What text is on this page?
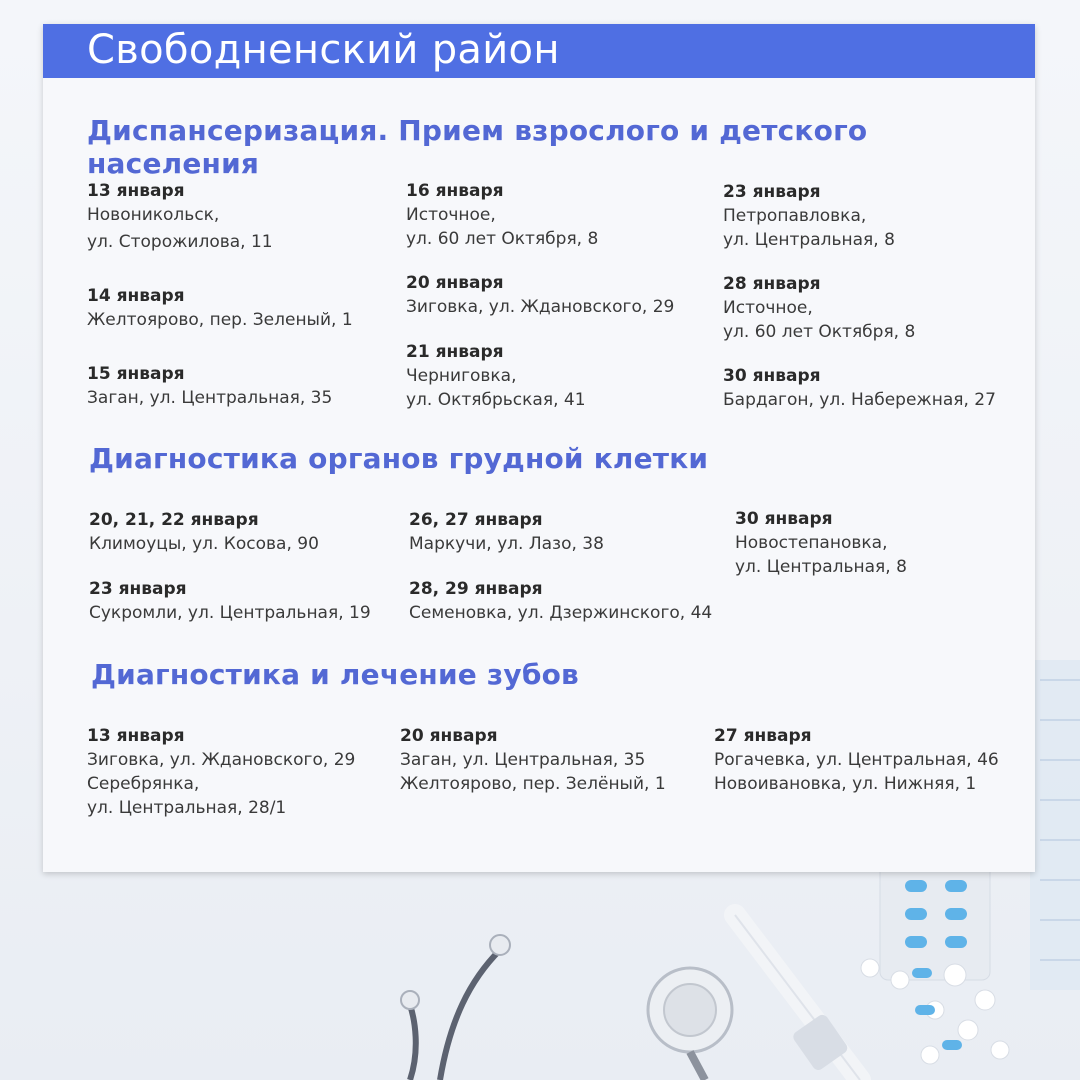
Свободненский район
Диспансеризация. Прием взрослого и детского населения
13 января
Новоникольск,
ул. Сторожилова, 11
14 января
Желтоярово, пер. Зеленый, 1
15 января
Заган, ул. Центральная, 35
16 января
Источное,
ул. 60 лет Октября, 8
20 января
Зиговка, ул. Ждановского, 29
21 января
Черниговка,
ул. Октябрьская, 41
23 января
Петропавловка,
ул. Центральная, 8
28 января
Источное,
ул. 60 лет Октября, 8
30 января
Бардагон, ул. Набережная, 27
Диагностика органов грудной клетки
20, 21, 22 января
Климоуцы, ул. Косова, 90
23 января
Сукромли, ул. Центральная, 19
26, 27 января
Маркучи, ул. Лазо, 38
28, 29 января
Семеновка, ул. Дзержинского, 44
30 января
Новостепановка,
ул. Центральная, 8
Диагностика и лечение зубов
13 января
Зиговка, ул. Ждановского, 29
Серебрянка,
ул. Центральная, 28/1
20 января
Заган, ул. Центральная, 35
Желтоярово, пер. Зелёный, 1
27 января
Рогачевка, ул. Центральная, 46
Новоивановка, ул. Нижняя, 1
